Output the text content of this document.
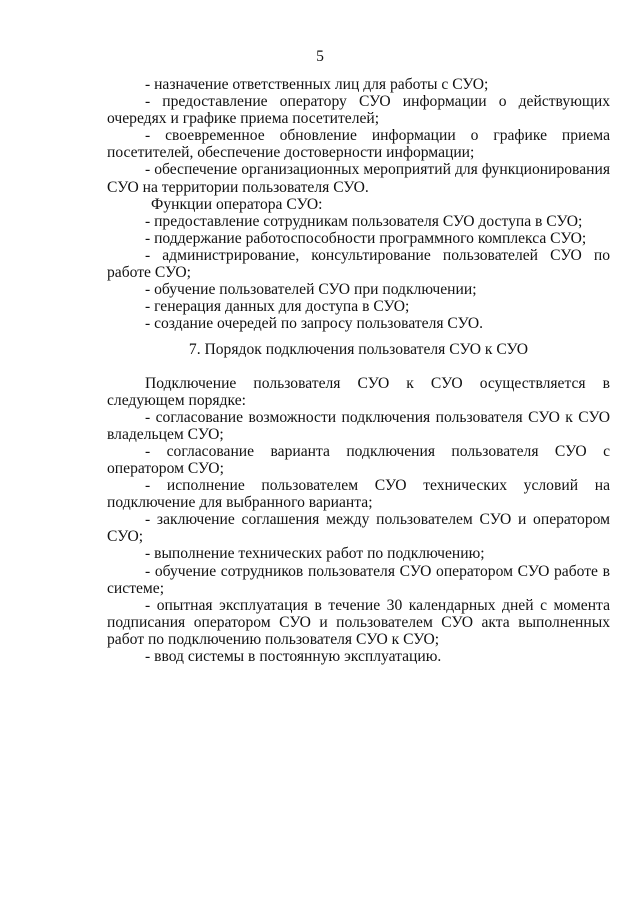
5

- назначение ответственных лиц для работы с СУО;

- предоставление оператору СУО информации о действующих очередях и графике приема посетителей;

- своевременное обновление информации о графике приема посетителей, обеспечение достоверности информации;

- обеспечение организационных мероприятий для функционирования СУО на территории пользователя СУО.

Функции оператора СУО:

- предоставление сотрудникам пользователя СУО доступа в СУО;

- поддержание работоспособности программного комплекса СУО;

- администрирование, консультирование пользователей СУО по работе СУО;

- обучение пользователей СУО при подключении;

- генерация данных для доступа в СУО;

- создание очередей по запросу пользователя СУО.

7. Порядок подключения пользователя СУО к СУО

Подключение пользователя СУО к СУО осуществляется в следующем порядке:

- согласование возможности подключения пользователя СУО к СУО владельцем СУО;

- согласование варианта подключения пользователя СУО с оператором СУО;

- исполнение пользователем СУО технических условий на подключение для выбранного варианта;

- заключение соглашения между пользователем СУО и оператором СУО;

- выполнение технических работ по подключению;

- обучение сотрудников пользователя СУО оператором СУО работе в системе;

- опытная эксплуатация в течение 30 календарных дней с момента подписания оператором СУО и пользователем СУО акта выполненных работ по подключению пользователя СУО к СУО;

- ввод системы в постоянную эксплуатацию.
